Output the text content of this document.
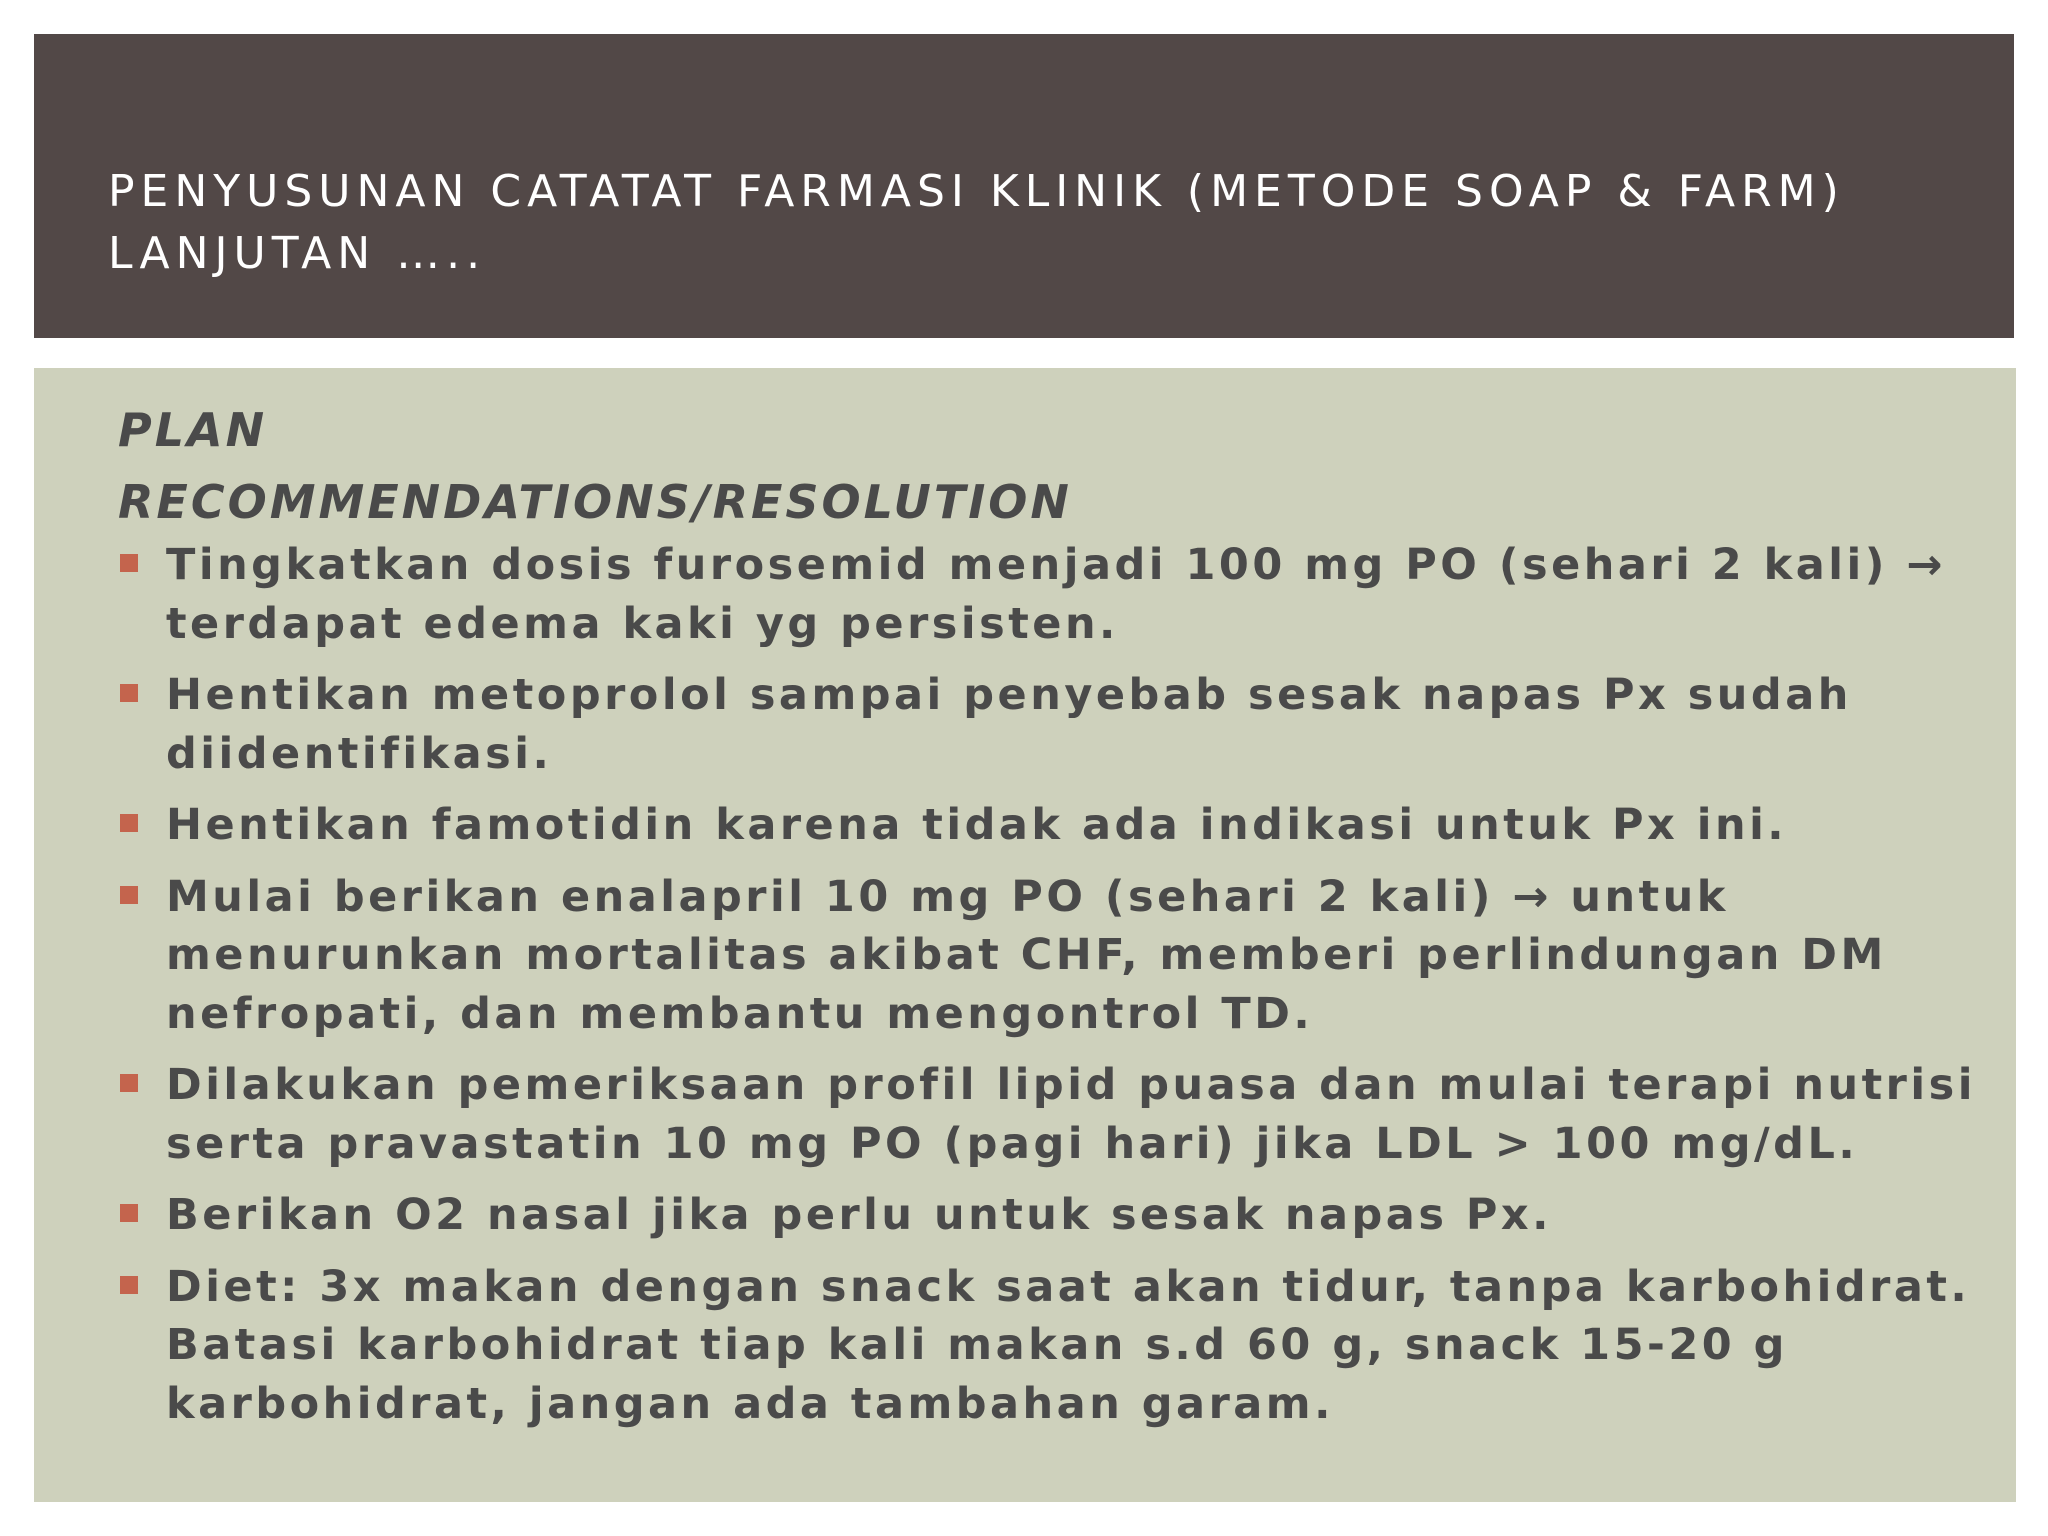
PENYUSUNAN CATATAT FARMASI KLINIK (METODE SOAP & FARM)
LANJUTAN …..
PLAN
RECOMMENDATIONS/RESOLUTION
Tingkatkan dosis furosemid menjadi 100 mg PO (sehari 2 kali) →
terdapat edema kaki yg persisten.
Hentikan metoprolol sampai penyebab sesak napas Px sudah
diidentifikasi.
Hentikan famotidin karena tidak ada indikasi untuk Px ini.
Mulai berikan enalapril 10 mg PO (sehari 2 kali) → untuk
menurunkan mortalitas akibat CHF, memberi perlindungan DM
nefropati, dan membantu mengontrol TD.
Dilakukan pemeriksaan profil lipid puasa dan mulai terapi nutrisi
serta pravastatin 10 mg PO (pagi hari) jika LDL > 100 mg/dL.
Berikan O2 nasal jika perlu untuk sesak napas Px.
Diet: 3x makan dengan snack saat akan tidur, tanpa karbohidrat.
Batasi karbohidrat tiap kali makan s.d 60 g, snack 15-20 g
karbohidrat, jangan ada tambahan garam.
